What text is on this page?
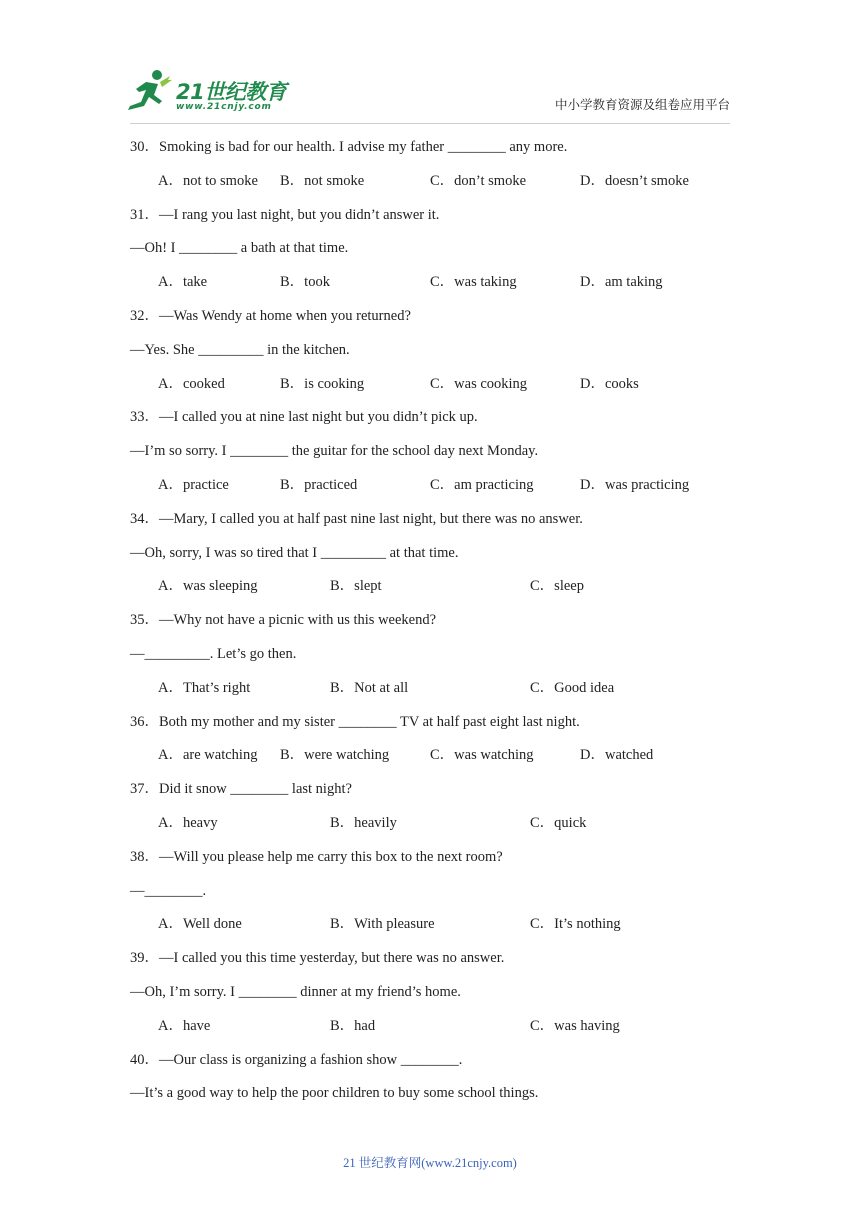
21世纪教育
www.21cnjy.com	中小学教育资源及组卷应用平台
30．Smoking is bad for our health. I advise my father ________ any more.
A．not to smoke B．not smoke	C．don’t smoke	D．doesn’t smoke
31．—I rang you last night, but you didn’t answer it.
—Oh! I ________ a bath at that time.
A．take	B．took	C．was taking	D．am taking
32．—Was Wendy at home when you returned?
—Yes. She _________ in the kitchen.
A．cooked	B．is cooking	C．was cooking	D．cooks
33．—I called you at nine last night but you didn’t pick up.
—I’m so sorry. I ________ the guitar for the school day next Monday.
A．practice	B．practiced	C．am practicing	D．was practicing
34．—Mary, I called you at half past nine last night, but there was no answer.
—Oh, sorry, I was so tired that I _________ at that time.
A．was sleeping	B．slept	C．sleep
35．—Why not have a picnic with us this weekend?
—_________. Let’s go then.
A．That’s right	B．Not at all	C．Good idea
36．Both my mother and my sister ________ TV at half past eight last night.
A．are watching B．were watching	C．was watching	D．watched
37．Did it snow ________ last night?
A．heavy	B．heavily	C．quick
38．—Will you please help me carry this box to the next room?
—________.
A．Well done	B．With pleasure	C．It’s nothing
39．—I called you this time yesterday, but there was no answer.
—Oh, I’m sorry. I ________ dinner at my friend’s home.
A．have	B．had	C．was having
40．—Our class is organizing a fashion show ________.
—It’s a good way to help the poor children to buy some school things.
21 世纪教育网(www.21cnjy.com)
